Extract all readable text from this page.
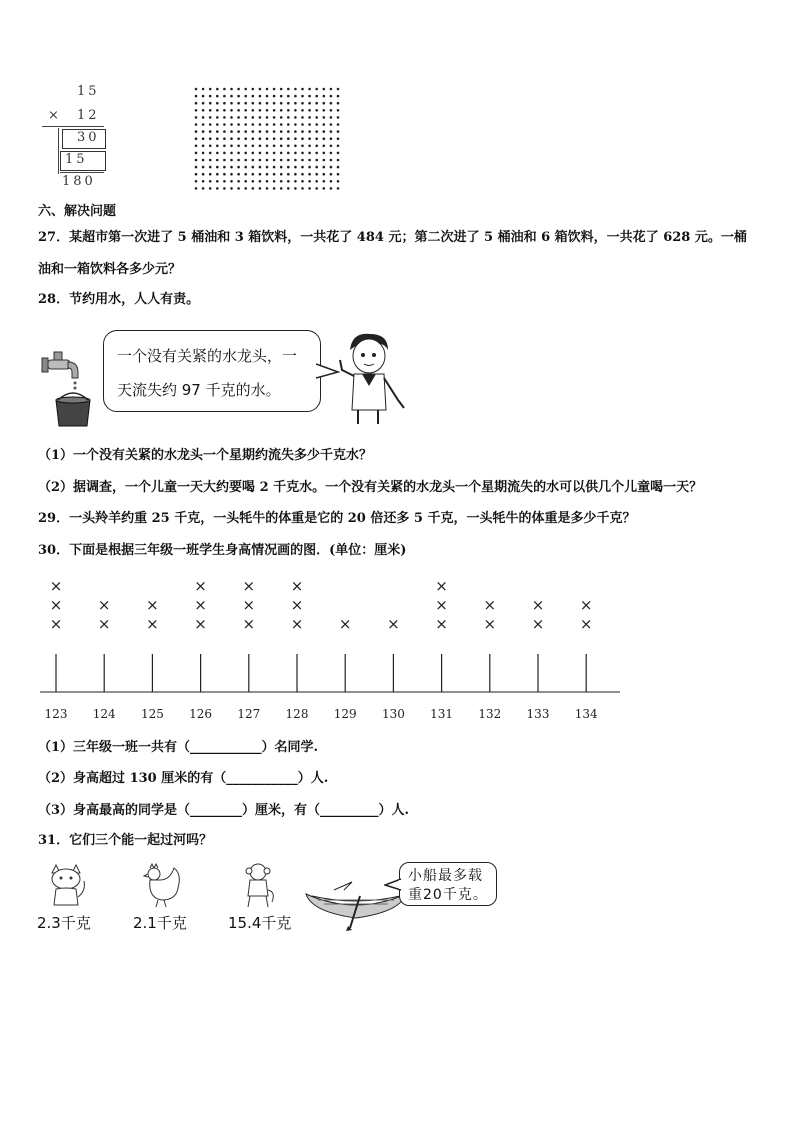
15
× 12
30
15
180
六、解决问题
27．某超市第一次进了 5 桶油和 3 箱饮料，一共花了 484 元；第二次进了 5 桶油和 6 箱饮料，一共花了 628 元。一桶
油和一箱饮料各多少元？
28．节约用水，人人有责。
一个没有关紧的水龙头，一
天流失约 97 千克的水。
（1）一个没有关紧的水龙头一个星期约流失多少千克水？
（2）据调查，一个儿童一天大约要喝 2 千克水。一个没有关紧的水龙头一个星期流失的水可以供几个儿童喝一天？
29．一头羚羊约重 25 千克，一头牦牛的体重是它的 20 倍还多 5 千克，一头牦牛的体重是多少千克？
30．下面是根据三年级一班学生身高情况画的图．(单位：厘米)
123
×
×
×
124
×
×
125
×
×
126
×
×
×
127
×
×
×
128
×
×
×
129
×
130
×
131
×
×
×
132
×
×
133
×
×
134
×
×
（1）三年级一班一共有（___________）名同学.
（2）身高超过 130 厘米的有（___________）人.
（3）身高最高的同学是（________）厘米，有（_________）人.
31．它们三个能一起过河吗？
2.3千克	2.1千克	15.4千克
小船最多载
重20千克。
